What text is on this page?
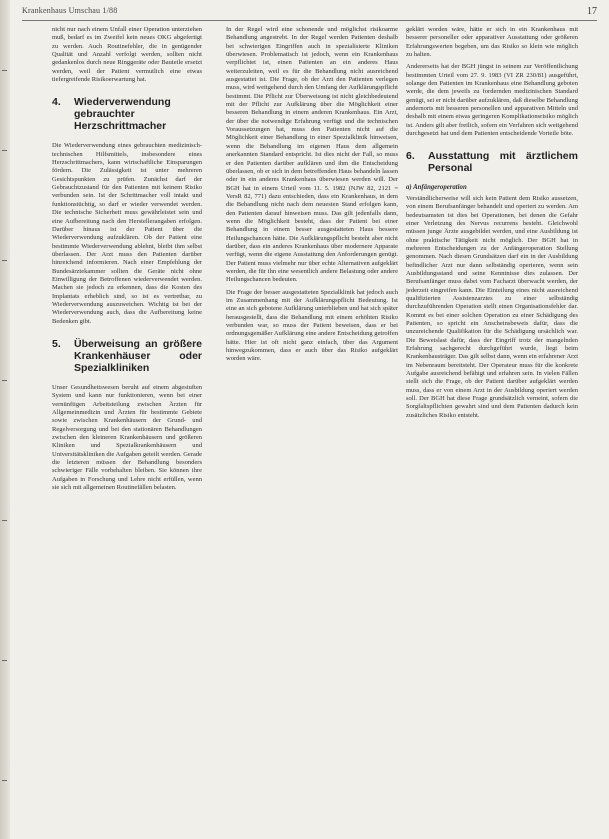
Krankenhaus Umschau 1/88	17

nicht nur nach einem Unfall einer Operation unterziehen muß, bedarf es im Zweifel kein neues OKG abgefertigt zu werden. Auch Routinefehler, die in genügender Qualität und Anzahl verfolgt werden, sollten nicht gedankenlos durch neue Ringgeräte oder Bauteile ersetzt werden, weil der Patient vermutlich eine etwas tiefergreifende Risikoerwartung hat.

4.	Wiederverwendung gebrauchter Herzschrittmacher

Die Wiederverwendung eines gebrauchten medizinisch-technischen Hilfsmittels, insbesondere eines Herzschrittmachers, kann wirtschaftliche Einsparungen fördern. Die Zulässigkeit ist unter mehreren Gesichtspunkten zu prüfen. Zunächst darf der Gebrauchtzustand für den Patienten mit keinem Risiko verbunden sein. Ist der Schrittmacher voll intakt und funktionstüchtig, so darf er wieder verwendet werden. Die technische Sicherheit muss gewährleistet sein und eine Aufbereitung nach den Herstellerangaben erfolgen. Darüber hinaus ist der Patient über die Wiederverwendung aufzuklären. Ob der Patient eine bestimmte Wiederverwendung ablehnt, bleibt ihm selbst überlassen. Der Arzt muss den Patienten darüber hinreichend informieren. Nach einer Empfehlung der Bundesärztekammer sollten die Geräte nicht ohne Einwilligung der Betroffenen wiederverwendet werden. Machen sie jedoch zu erkennen, dass die Kosten des Implantats erheblich sind, so ist es vertretbar, zu Wiederverwendung auszuweichen. Wichtig ist bei der Wiederverwendung auch, dass die Aufbereitung keine Bedenken gibt.

5.	Überweisung an größere Krankenhäuser oder Spezialkliniken

Unser Gesundheitswesen beruht auf einem abgestuften System und kann nur funktionieren, wenn bei einer vernünftigen Arbeitsteilung zwischen Ärzten für Allgemeinmedizin und Ärzten für bestimmte Gebiete sowie zwischen Krankenhäusern der Grund- und Regelversorgung und bei den stationären Behandlungen zwischen den kleineren Krankenhäusern und größeren Kliniken und Spezialkrankenhäusern und Universitätskliniken die Aufgaben geteilt werden. Gerade die letzteren müssen der Behandlung besonders schwieriger Fälle vorbehalten bleiben. Sie können ihre Aufgaben in Forschung und Lehre nicht erfüllen, wenn sie sich mit allgemeinen Routinefällen belasten.

In der Regel wird eine schonende und möglichst risikoarme Behandlung angestrebt. In der Regel werden Patienten deshalb bei schwierigen Eingriffen auch in spezialisierte Kliniken überwiesen. Problematisch ist jedoch, wenn ein Krankenhaus verpflichtet ist, einen Patienten an ein anderes Haus weiterzuleiten, weil es für die Behandlung nicht ausreichend ausgestattet ist. Die Frage, ob der Arzt den Patienten verlegen muss, wird weitgehend durch den Umfang der Aufklärungspflicht bestimmt. Die Pflicht zur Überweisung ist nicht gleichbedeutend mit der Pflicht zur Aufklärung über die Möglichkeit einer besseren Behandlung in einem anderen Krankenhaus. Ein Arzt, der über die notwendige Erfahrung verfügt und die technischen Voraussetzungen hat, muss den Patienten nicht auf die Möglichkeit einer Behandlung in einer Spezialklinik hinweisen, wenn die Behandlung im eigenen Haus dem allgemein anerkannten Standard entspricht. Ist dies nicht der Fall, so muss er den Patienten darüber aufklären und ihm die Entscheidung überlassen, ob er sich in dem betreffenden Haus behandeln lassen oder in ein anderes Krankenhaus überwiesen werden will. Der BGH hat in einem Urteil vom 11. 5. 1982 (NJW 82, 2121 = VersR 82, 771) dazu entschieden, dass ein Krankenhaus, in dem die Behandlung nicht nach dem neuesten Stand erfolgen kann, den Patienten darauf hinweisen muss. Das gilt jedenfalls dann, wenn die Möglichkeit besteht, dass der Patient bei einer Behandlung in einem besser ausgestatteten Haus bessere Heilungschancen hätte. Die Aufklärungspflicht besteht aber nicht darüber, dass ein anderes Krankenhaus über modernere Apparate verfügt, wenn die eigene Ausstattung den Anforderungen genügt. Der Patient muss vielmehr nur über echte Alternativen aufgeklärt werden, die für ihn eine wesentlich andere Belastung oder andere Heilungschancen bedeuten.

Die Frage der besser ausgestatteten Spezialklinik hat jedoch auch im Zusammenhang mit der Aufklärungspflicht Bedeutung. Ist eine an sich gebotene Aufklärung unterblieben und hat sich später herausgestellt, dass die Behandlung mit einem erhöhten Risiko verbunden war, so muss der Patient beweisen, dass er bei ordnungsgemäßer Aufklärung eine andere Entscheidung getroffen hätte. Hier ist oft nicht ganz einfach, über das Argument hinwegzukommen, dass er auch über das Risiko aufgeklärt worden wäre.

geklärt worden wäre, hätte er sich in ein Krankenhaus mit besserer personeller oder apparativer Ausstattung oder größeren Erfahrungswerten begeben, um das Risiko so klein wie möglich zu halten.

Andererseits hat der BGH jüngst in seinem zur Veröffentlichung bestimmten Urteil vom 27. 9. 1983 (VI ZR 230/81) ausgeführt, solange den Patienten im Krankenhaus eine Behandlung geboten werde, die dem jeweils zu fordernden medizinischen Standard genügt, sei er nicht darüber aufzuklären, daß dieselbe Behandlung andernorts mit besseren personellen und apparativen Mitteln und deshalb mit einem etwas geringeren Komplikationsrisiko möglich ist. Anders gilt aber freilich, sofern ein Verfahren sich weitgehend durchgesetzt hat und dem Patienten entscheidende Vorteile böte.

6.	Ausstattung mit ärztlichem Personal
a) Anfängeroperation

Verständlicherweise will sich kein Patient dem Risiko aussetzen, von einem Berufsanfänger behandelt und operiert zu werden. Am bedeutsamsten ist dies bei Operationen, bei denen die Gefahr einer Verletzung des Nervus recurrens besteht. Gleichwohl müssen junge Ärzte ausgebildet werden, und eine Ausbildung ist ohne praktische Tätigkeit nicht möglich. Der BGH hat in mehreren Entscheidungen zu der Anfängeroperation Stellung genommen. Nach diesen Grundsätzen darf ein in der Ausbildung befindlicher Arzt nur dann selbständig operieren, wenn sein Ausbildungsstand und seine Kenntnisse dies zulassen. Der Berufsanfänger muss dabei vom Facharzt überwacht werden, der jederzeit eingreifen kann. Die Einteilung eines nicht ausreichend qualifizierten Assistenzarztes zu einer selbständig durchzuführenden Operation stellt einen Organisationsfehler dar. Kommt es bei einer solchen Operation zu einer Schädigung des Patienten, so spricht ein Anscheinsbeweis dafür, dass die unzureichende Qualifikation für die Schädigung ursächlich war. Die Beweislast dafür, dass der Eingriff trotz der mangelnden Erfahrung sachgerecht durchgeführt wurde, liegt beim Krankenhausträger. Das gilt selbst dann, wenn ein erfahrener Arzt im Nebenraum bereitsteht. Der Operateur muss für die konkrete Aufgabe ausreichend befähigt und erfahren sein. In vielen Fällen stellt sich die Frage, ob der Patient darüber aufgeklärt werden muss, dass er von einem Arzt in der Ausbildung operiert werden soll. Der BGH hat diese Frage grundsätzlich verneint, sofern die Sorgfaltspflichten gewahrt sind und dem Patienten dadurch kein zusätzliches Risiko entsteht.
